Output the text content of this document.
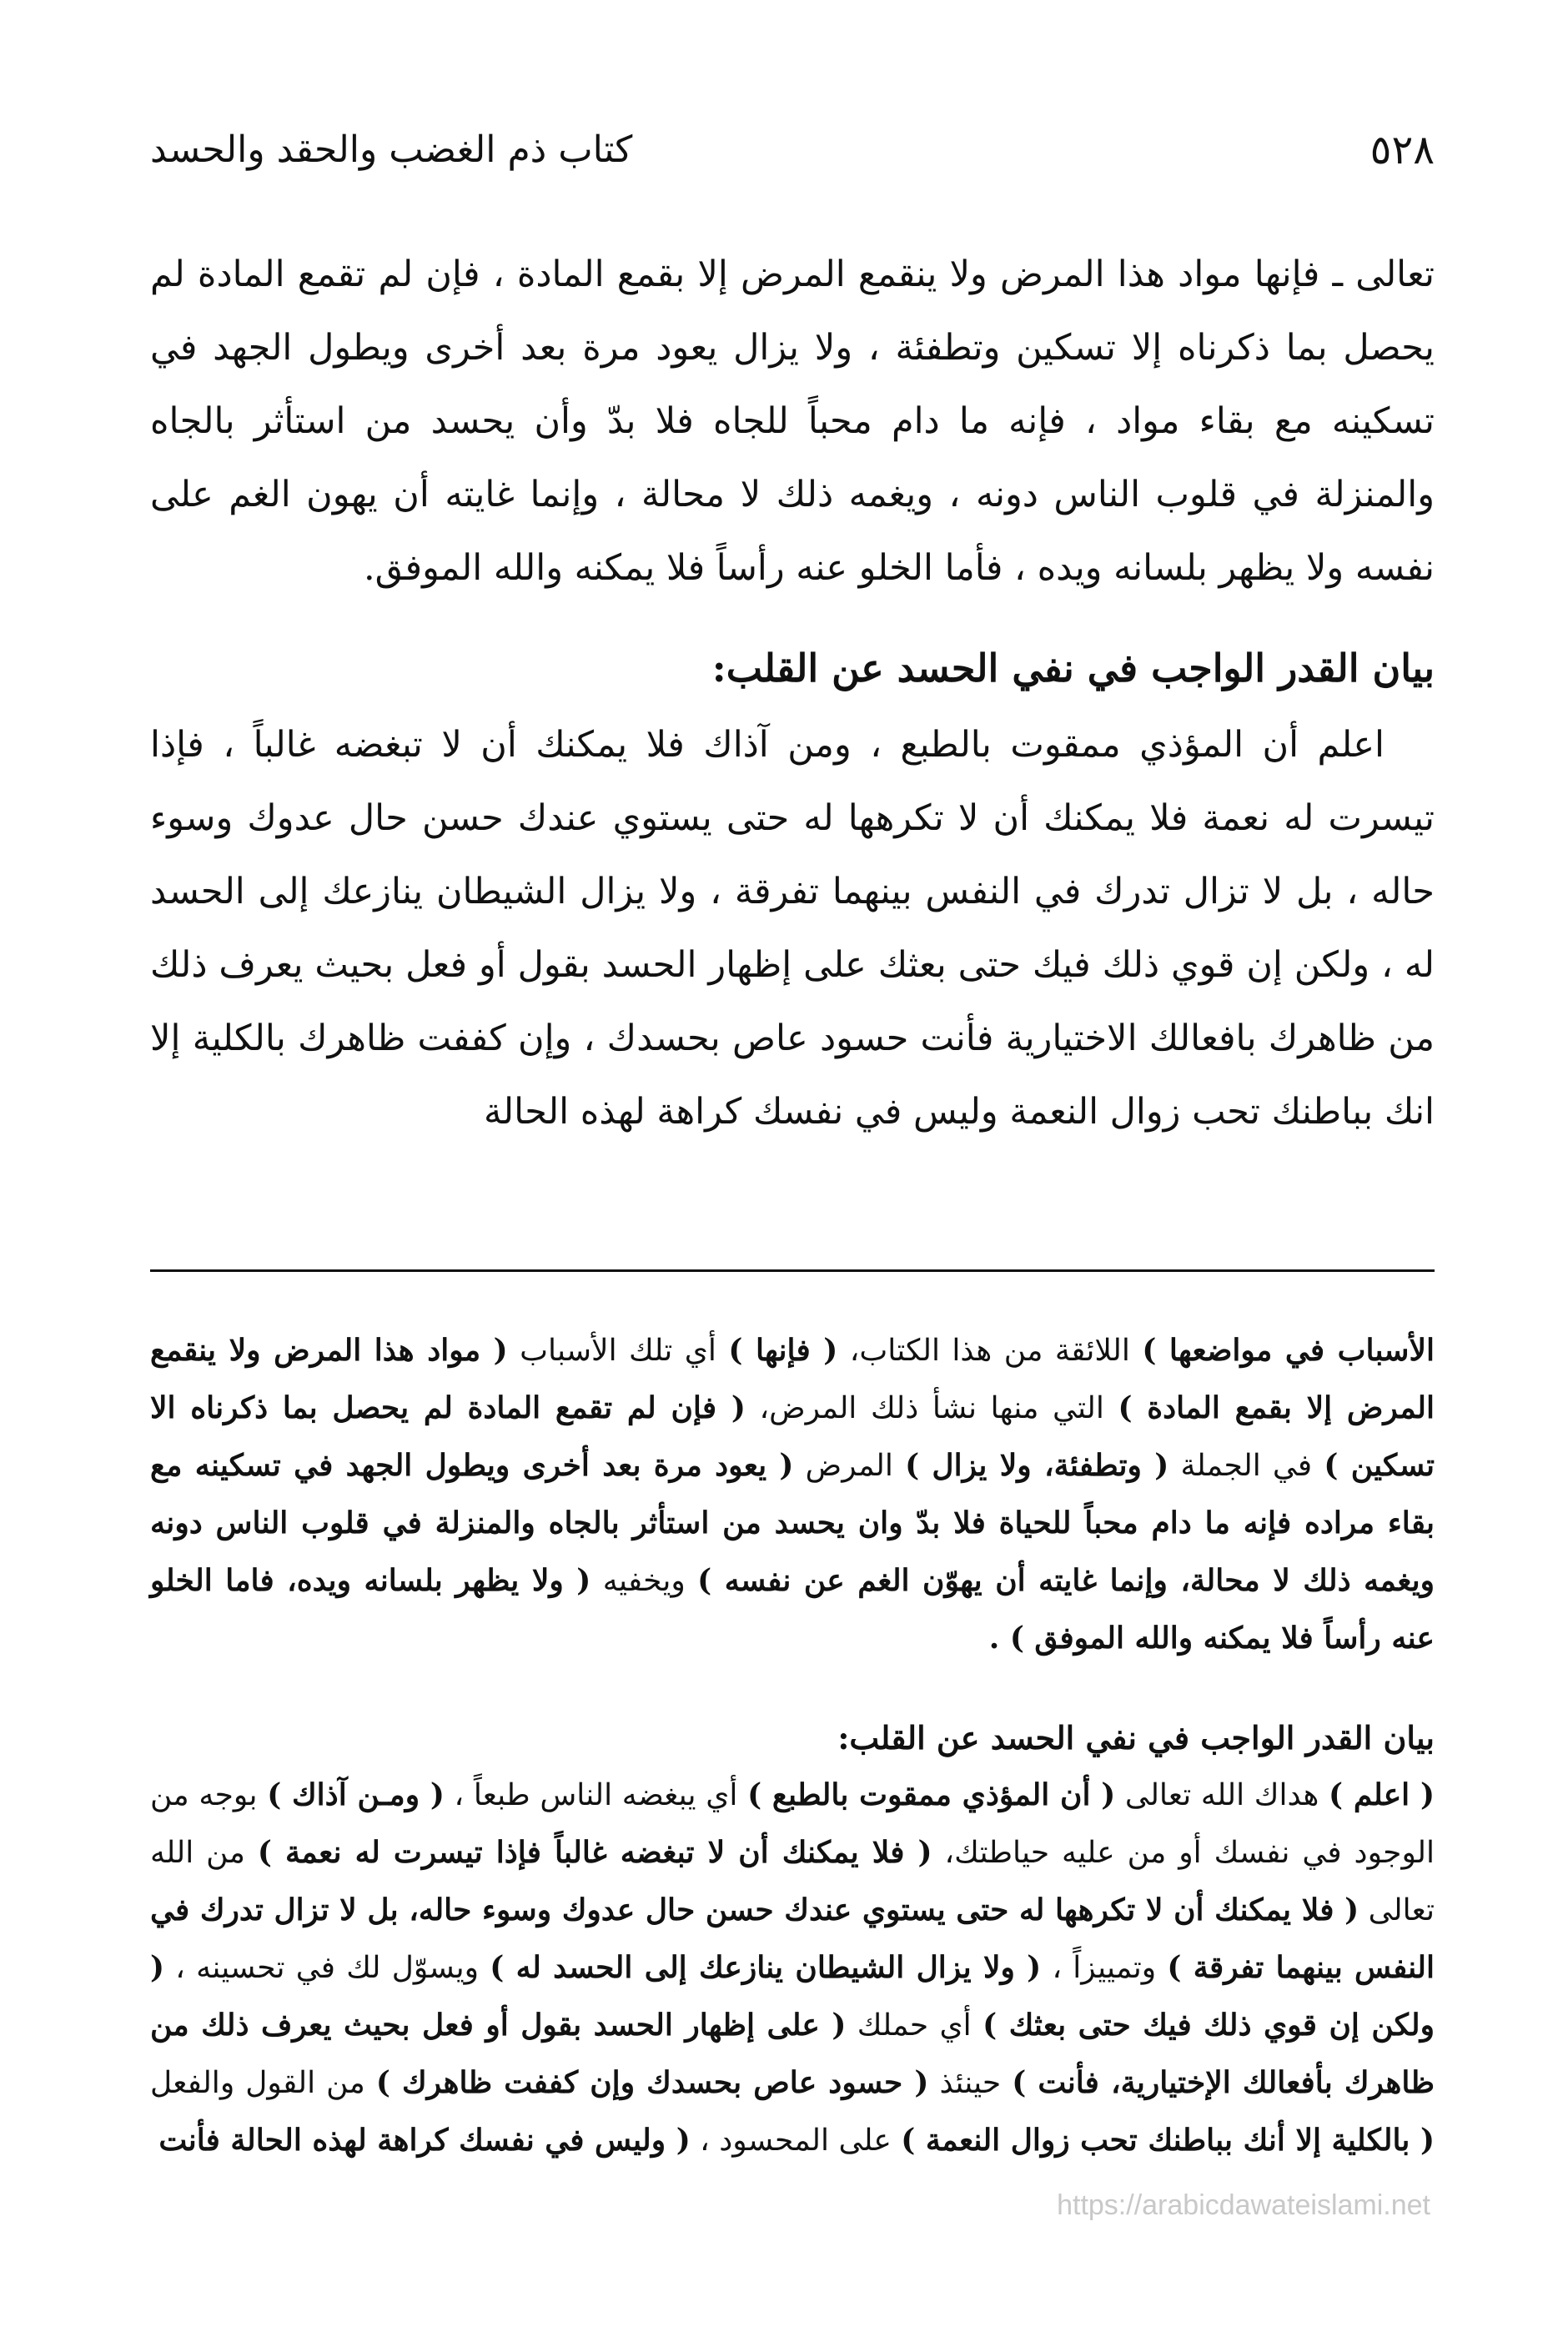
٥٢٨
كتاب ذم الغضب والحقد والحسد

تعالى ـ فإنها مواد هذا المرض ولا ينقمع المرض إلا بقمع المادة ، فإن لم تقمع المادة لم يحصل بما ذكرناه إلا تسكين وتطفئة ، ولا يزال يعود مرة بعد أخرى ويطول الجهد في تسكينه مع بقاء مواد ، فإنه ما دام محباً للجاه فلا بدّ وأن يحسد من استأثر بالجاه والمنزلة في قلوب الناس دونه ، ويغمه ذلك لا محالة ، وإنما غايته أن يهون الغم على نفسه ولا يظهر بلسانه ويده ، فأما الخلو عنه رأساً فلا يمكنه والله الموفق.

بيان القدر الواجب في نفي الحسد عن القلب:

اعلم أن المؤذي ممقوت بالطبع ، ومن آذاك فلا يمكنك أن لا تبغضه غالباً ، فإذا تيسرت له نعمة فلا يمكنك أن لا تكرهها له حتى يستوي عندك حسن حال عدوك وسوء حاله ، بل لا تزال تدرك في النفس بينهما تفرقة ، ولا يزال الشيطان ينازعك إلى الحسد له ، ولكن إن قوي ذلك فيك حتى بعثك على إظهار الحسد بقول أو فعل بحيث يعرف ذلك من ظاهرك بافعالك الاختيارية فأنت حسود عاص بحسدك ، وإن كففت ظاهرك بالكلية إلا انك بباطنك تحب زوال النعمة وليس في نفسك كراهة لهذه الحالة

الأسباب في مواضعها ) اللائقة من هذا الكتاب، ( فإنها ) أي تلك الأسباب ( مواد هذا المرض ولا ينقمع المرض إلا بقمع المادة ) التي منها نشأ ذلك المرض، ( فإن لم تقمع المادة لم يحصل بما ذكرناه الا تسكين ) في الجملة ( وتطفئة، ولا يزال ) المرض ( يعود مرة بعد أخرى ويطول الجهد في تسكينه مع بقاء مراده فإنه ما دام محباً للحياة فلا بدّ وان يحسد من استأثر بالجاه والمنزلة في قلوب الناس دونه ويغمه ذلك لا محالة، وإنما غايته أن يهوّن الغم عن نفسه ) ويخفيه ( ولا يظهر بلسانه ويده، فاما الخلو عنه رأساً فلا يمكنه والله الموفق ) .

بيان القدر الواجب في نفي الحسد عن القلب:

( اعلم ) هداك الله تعالى ( أن المؤذي ممقوت بالطبع ) أي يبغضه الناس طبعاً ، ( ومـن آذاك ) بوجه من الوجود في نفسك أو من عليه حياطتك، ( فلا يمكنك أن لا تبغضه غالباً فإذا تيسرت له نعمة ) من الله تعالى ( فلا يمكنك أن لا تكرهها له حتى يستوي عندك حسن حال عدوك وسوء حاله، بل لا تزال تدرك في النفس بينهما تفرقة ) وتمييزاً ، ( ولا يزال الشيطان ينازعك إلى الحسد له ) ويسوّل لك في تحسينه ، ( ولكن إن قوي ذلك فيك حتى بعثك ) أي حملك ( على إظهار الحسد بقول أو فعل بحيث يعرف ذلك من ظاهرك بأفعالك الإختيارية، فأنت ) حينئذ ( حسود عاص بحسدك وإن كففت ظاهرك ) من القول والفعل ( بالكلية إلا أنك بباطنك تحب زوال النعمة ) على المحسود ، ( وليس في نفسك كراهة لهذه الحالة فأنت

https://arabicdawateislami.net
